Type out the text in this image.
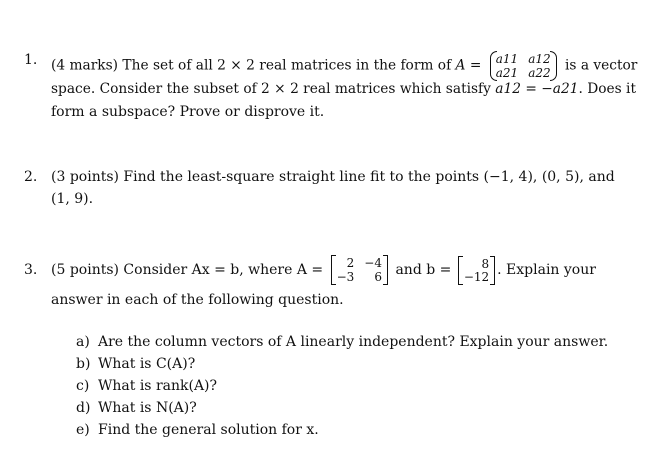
1. (4 marks) The set of all 2 × 2 real matrices in the form of A = a11 a12
a21 a22 is a vector
space. Consider the subset of 2 × 2 real matrices which satisfy a12 = −a21. Does it
form a subspace? Prove or disprove it.
2. (3 points) Find the least-square straight line fit to the points (−1, 4), (0, 5), and
(1, 9).
3. (5 points) Consider Ax = b, where A =	2 −4
−3	6 and b =	8
−12 . Explain your
answer in each of the following question.
a) Are the column vectors of A linearly independent? Explain your answer.
b) What is C(A)?
c) What is rank(A)?
d) What is N(A)?
e) Find the general solution for x.
